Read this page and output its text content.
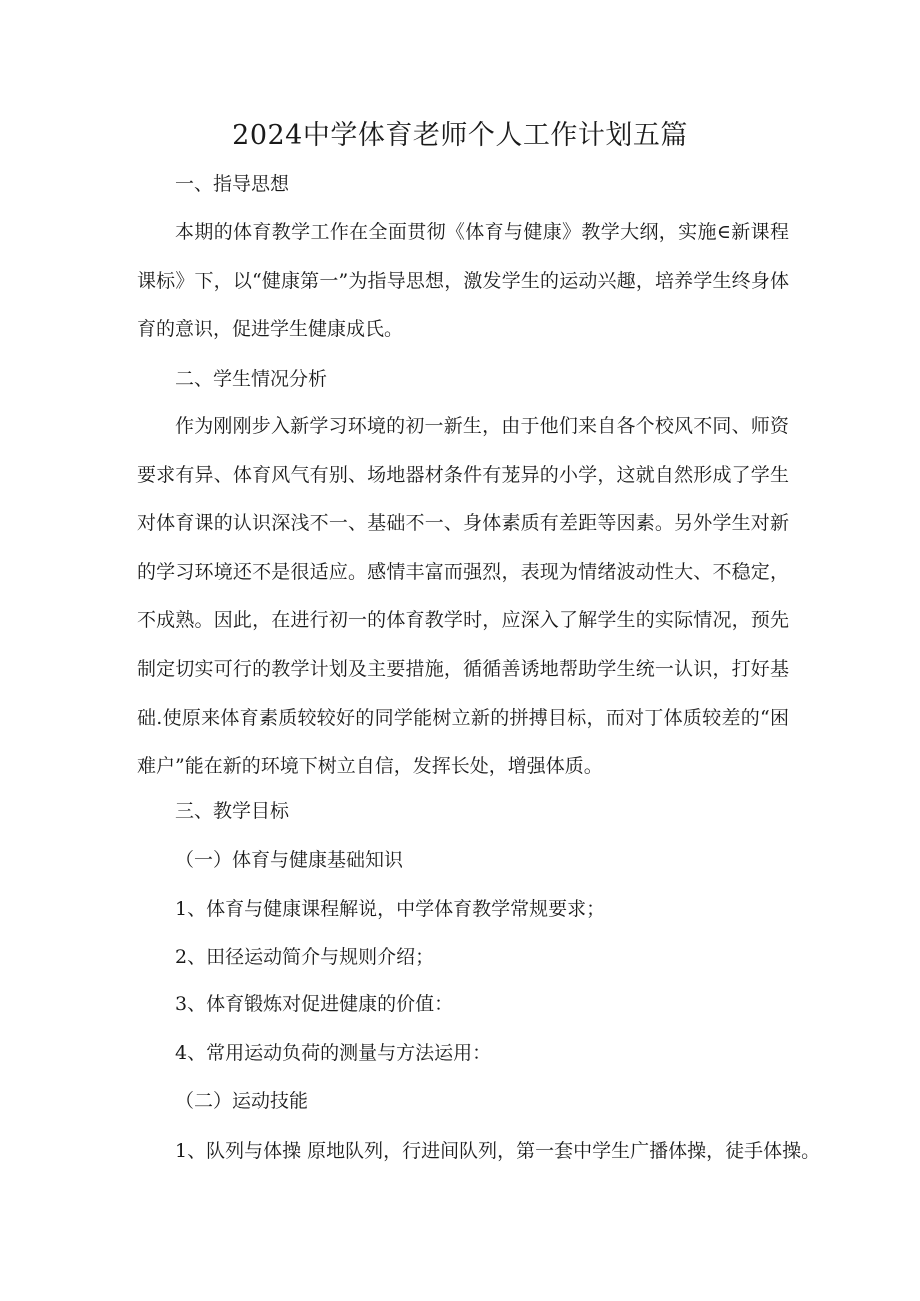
2024中学体育老师个人工作计划五篇
一、指导思想
本期的体育教学工作在全面贯彻《体育与健康》教学大纲，实施∈新课程课标》下，以“健康第一”为指导思想，激发学生的运动兴趣，培养学生终身体育的意识，促进学生健康成氏。
二、学生情况分析
作为刚刚步入新学习环境的初一新生，由于他们来自各个校风不同、师资要求有异、体育风气有别、场地器材条件有茏异的小学，这就自然形成了学生对体育课的认识深浅不一、基础不一、身体素质有差距等因素。另外学生对新的学习环境还不是很适应。感情丰富而强烈，表现为情绪波动性大、不稳定，不成熟。因此，在进行初一的体育教学时，应深入了解学生的实际情况，预先制定切实可行的教学计划及主要措施，循循善诱地帮助学生统一认识，打好基础.使原来体育素质较较好的同学能树立新的拼搏目标，而对丁体质较差的“困难户”能在新的环境下树立自信，发挥长处，增强体质。
三、教学目标
（一）体育与健康基础知识
1、体育与健康课程解说，中学体育教学常规要求；
2、田径运动简介与规则介绍；
3、体育锻炼对促进健康的价值：
4、常用运动负荷的测量与方法运用：
（二）运动技能
1、队列与体操 原地队列，行进间队列，第一套中学生广播体操，徒手体操。
